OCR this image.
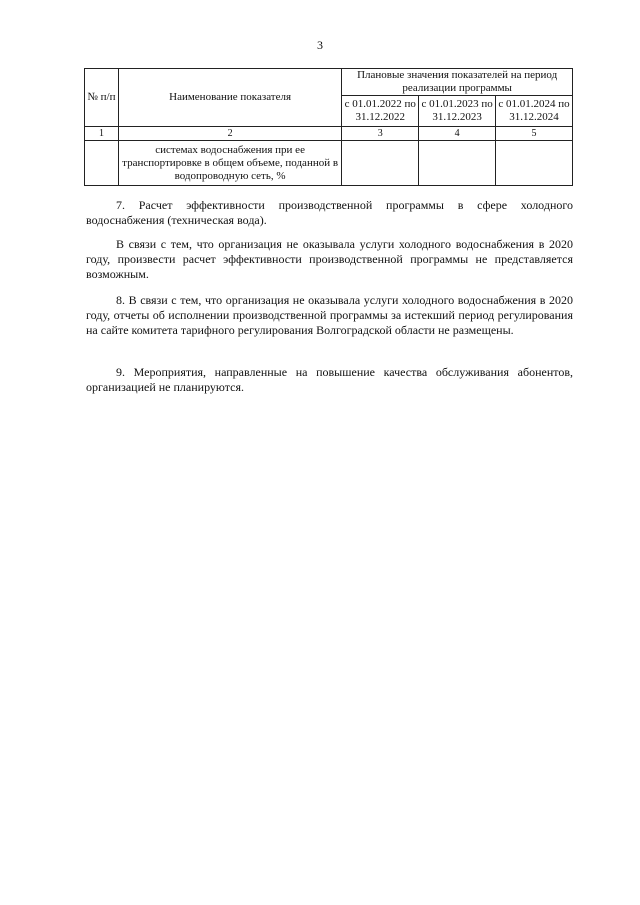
3
№ п/п	Наименование показателя	Плановые значения показателей на период реализации программы		
		с 01.01.2022 по 31.12.2022	с 01.01.2023 по 31.12.2023	с 01.01.2024 по 31.12.2024
1	2	3	4	5
	системах водоснабжения при ее транспортировке в общем объеме, поданной в водопроводную сеть, %			

7. Расчет эффективности производственной программы в сфере холодного водоснабжения (техническая вода).

В связи с тем, что организация не оказывала услуги холодного водоснабжения в 2020 году, произвести расчет эффективности производственной программы не представляется возможным.

8. В связи с тем, что организация не оказывала услуги холодного водоснабжения в 2020 году, отчеты об исполнении производственной программы за истекший период регулирования на сайте комитета тарифного регулирования Волгоградской области не размещены.

9. Мероприятия, направленные на повышение качества обслуживания абонентов, организацией не планируются.
